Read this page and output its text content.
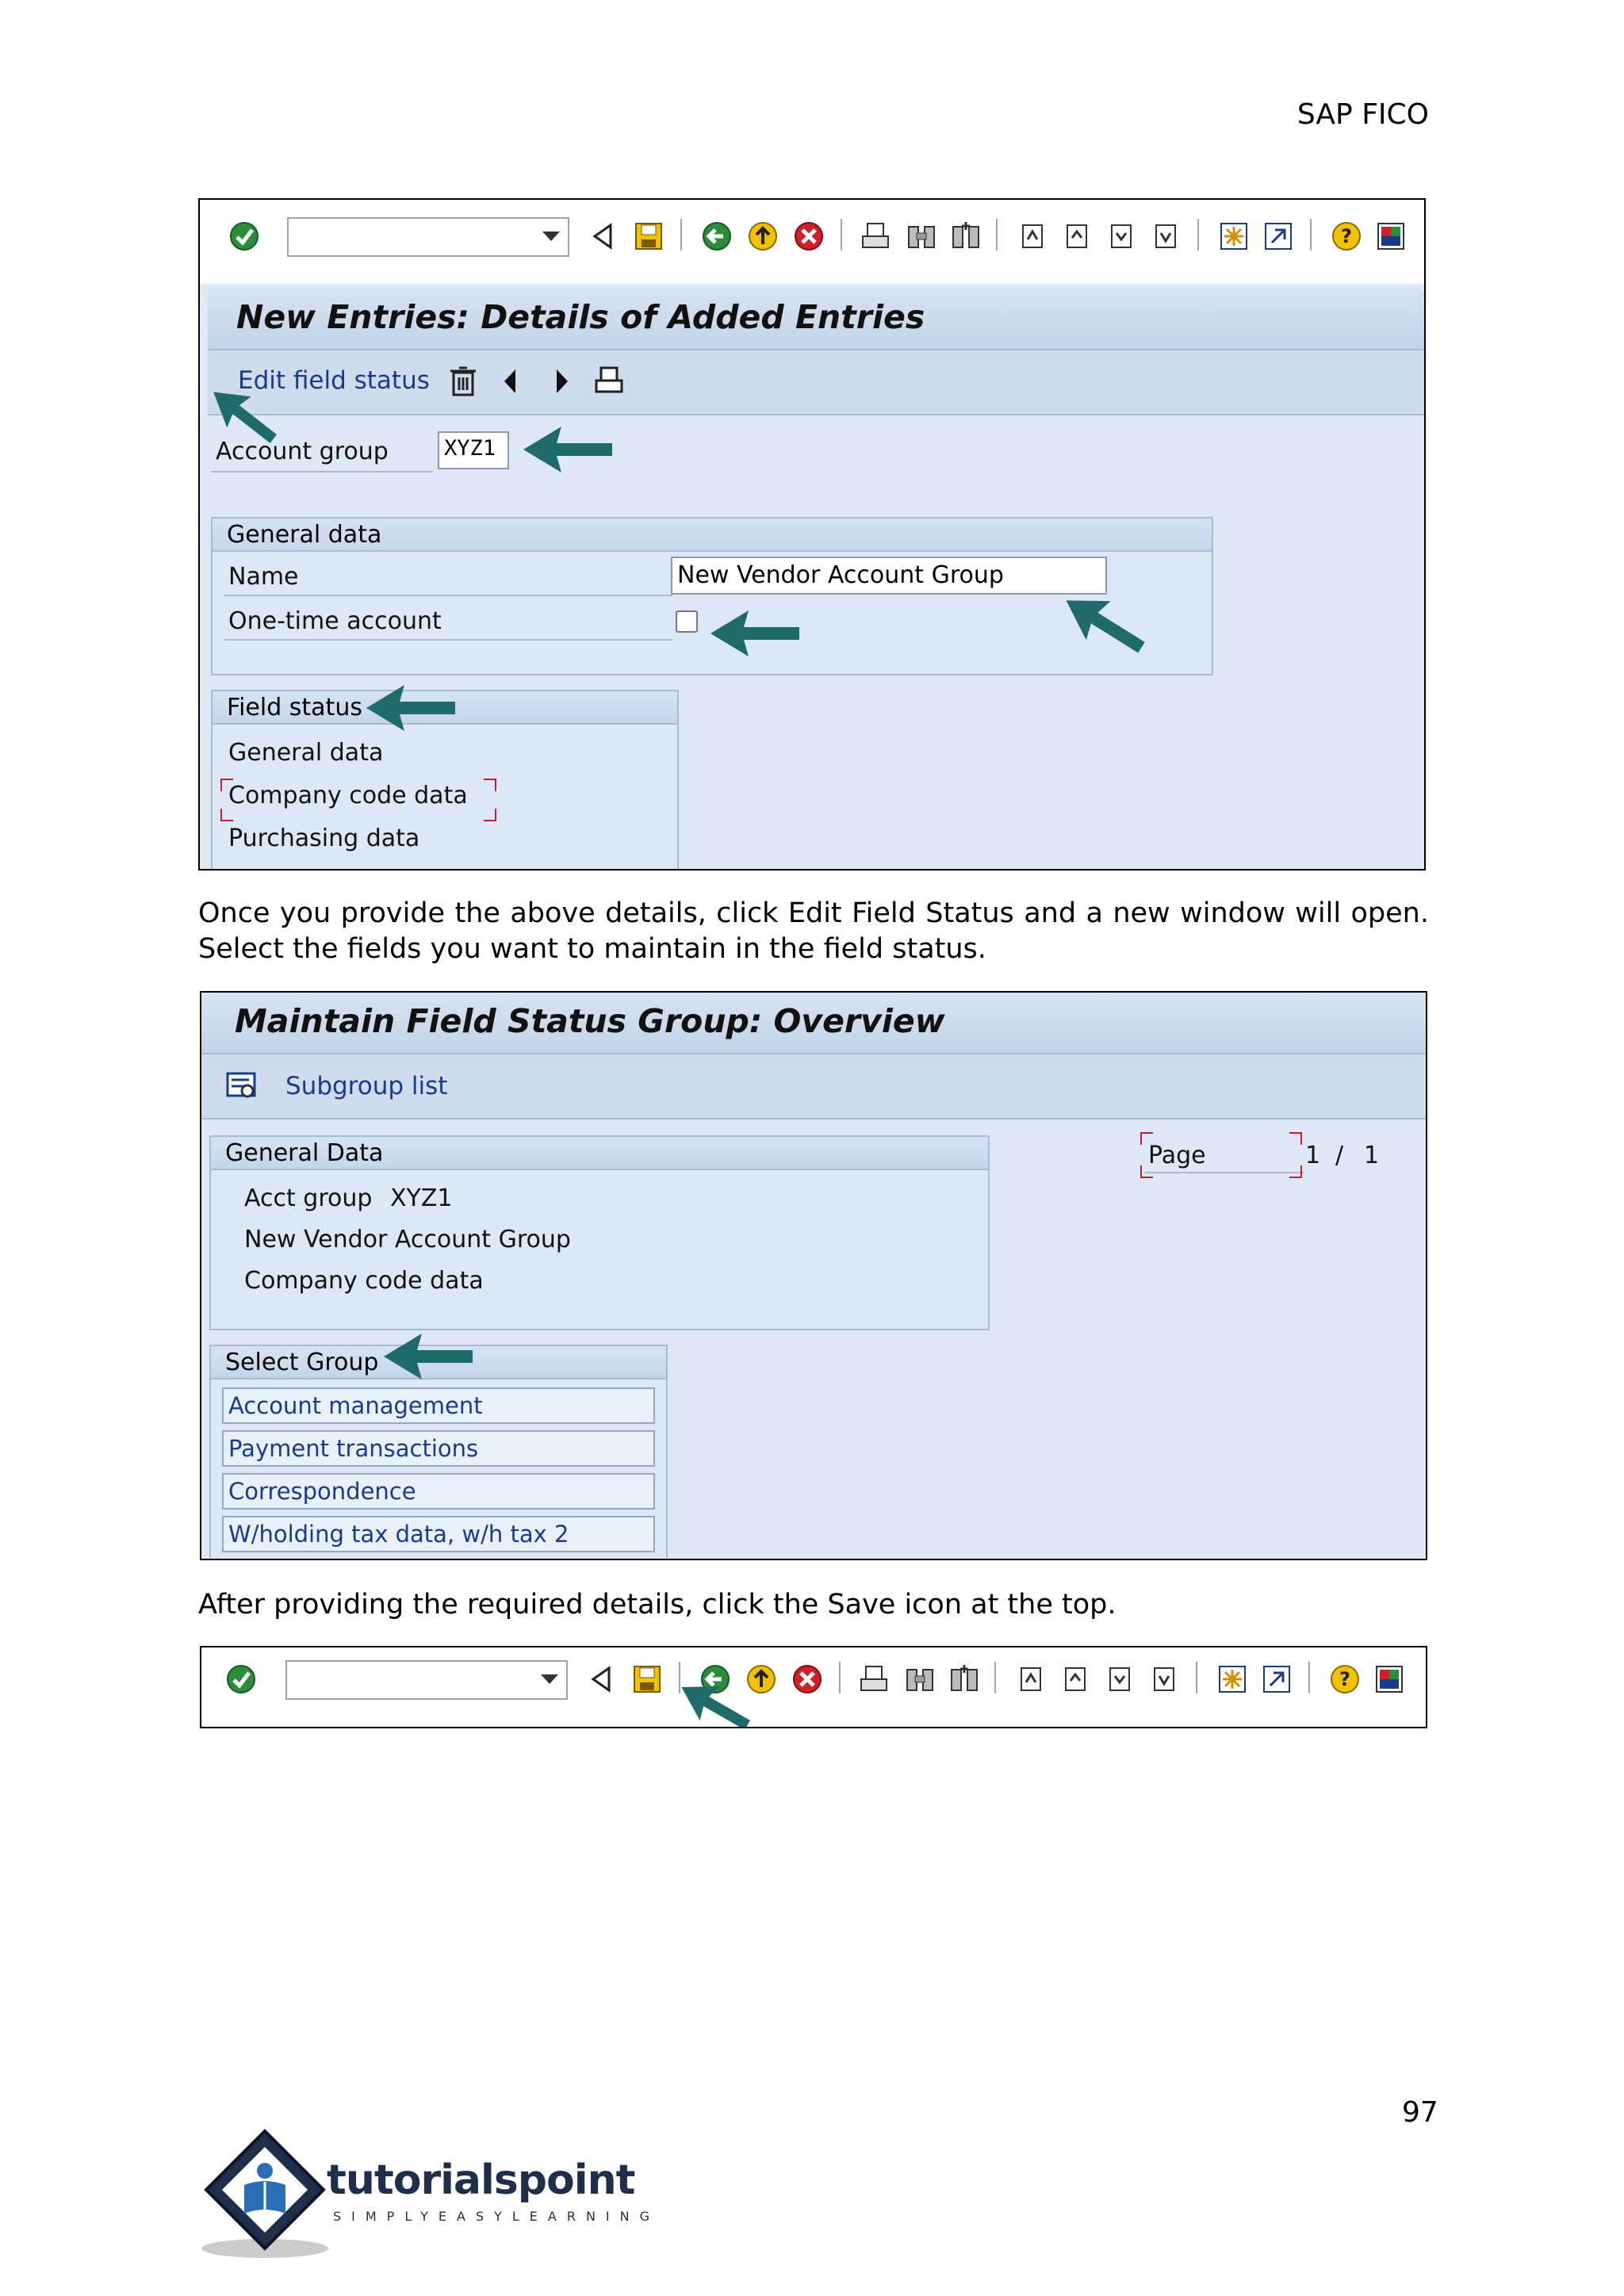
SAP FICO
?
New Entries: Details of Added Entries
Edit field status
Account group	XYZ1
General data
Name	New Vendor Account Group
One-time account
Field status
General data
Company code data
Purchasing data
Once you provide the above details, click Edit Field Status and a new window will open. Select the fields you want to maintain in the field status.
Maintain Field Status Group: Overview
Subgroup list
General Data
Acct group XYZ1
New Vendor Account Group
Company code data
Page	1 / 1
Select Group
Account management
Payment transactions
Correspondence
W/holding tax data, w/h tax 2
After providing the required details, click the Save icon at the top.
?
97
tutorialspoint
SIMPLYEASYLEARNING
